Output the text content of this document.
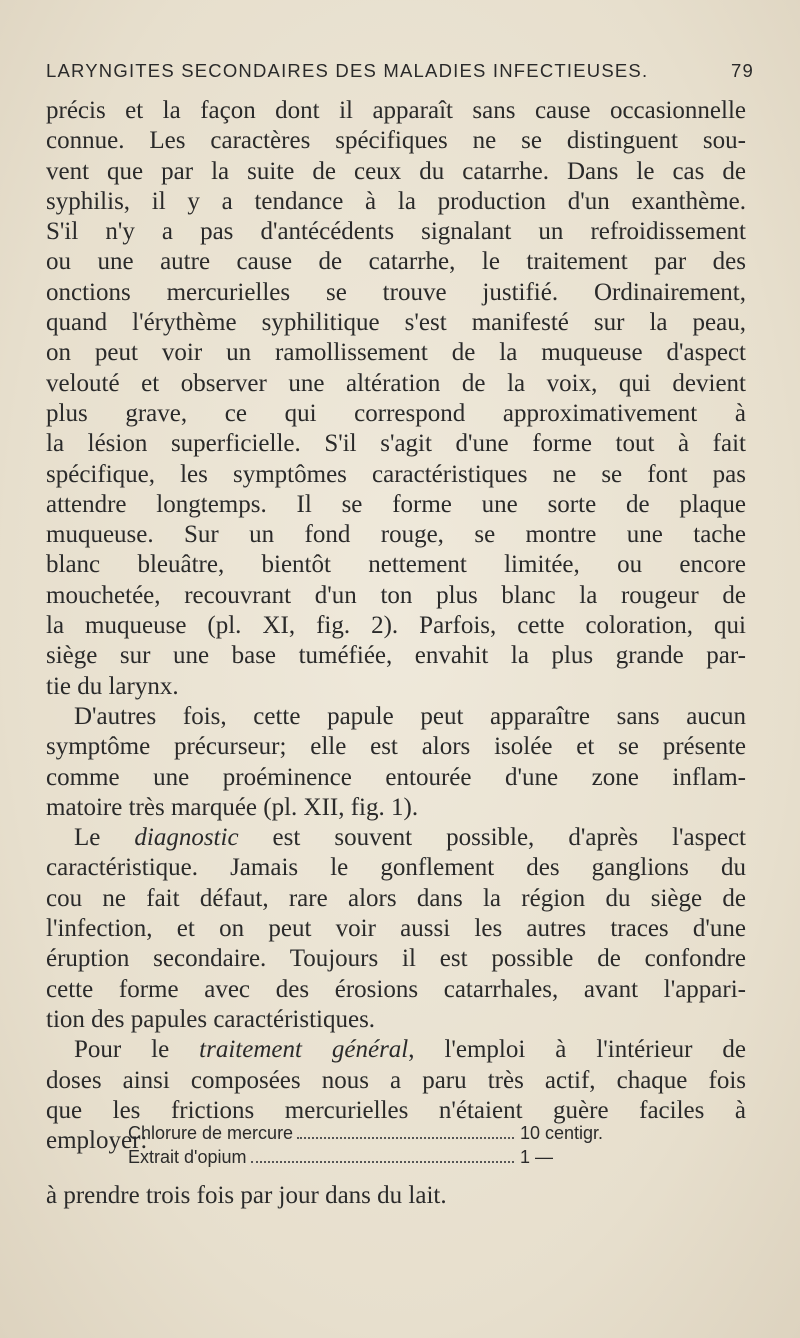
LARYNGITES SECONDAIRES DES MALADIES INFECTIEUSES.	79
précis et la façon dont il apparaît sans cause occasionnelle
connue. Les caractères spécifiques ne se distinguent sou-
vent que par la suite de ceux du catarrhe. Dans le cas de
syphilis, il y a tendance à la production d'un exanthème.
S'il n'y a pas d'antécédents signalant un refroidissement
ou une autre cause de catarrhe, le traitement par des
onctions mercurielles se trouve justifié. Ordinairement,
quand l'érythème syphilitique s'est manifesté sur la peau,
on peut voir un ramollissement de la muqueuse d'aspect
velouté et observer une altération de la voix, qui devient
plus grave, ce qui correspond approximativement à
la lésion superficielle. S'il s'agit d'une forme tout à fait
spécifique, les symptômes caractéristiques ne se font pas
attendre longtemps. Il se forme une sorte de plaque
muqueuse. Sur un fond rouge, se montre une tache
blanc bleuâtre, bientôt nettement limitée, ou encore
mouchetée, recouvrant d'un ton plus blanc la rougeur de
la muqueuse (pl. XI, fig. 2). Parfois, cette coloration, qui
siège sur une base tuméfiée, envahit la plus grande par-
tie du larynx.
D'autres fois, cette papule peut apparaître sans aucun
symptôme précurseur; elle est alors isolée et se présente
comme une proéminence entourée d'une zone inflam-
matoire très marquée (pl. XII, fig. 1).
Le diagnostic est souvent possible, d'après l'aspect
caractéristique. Jamais le gonflement des ganglions du
cou ne fait défaut, rare alors dans la région du siège de
l'infection, et on peut voir aussi les autres traces d'une
éruption secondaire. Toujours il est possible de confondre
cette forme avec des érosions catarrhales, avant l'appari-
tion des papules caractéristiques.
Pour le traitement général, l'emploi à l'intérieur de
doses ainsi composées nous a paru très actif, chaque fois
que les frictions mercurielles n'étaient guère faciles à
employer:
Chlorure de mercure	10 centigr.
Extrait d'opium	1 —
à prendre trois fois par jour dans du lait.
